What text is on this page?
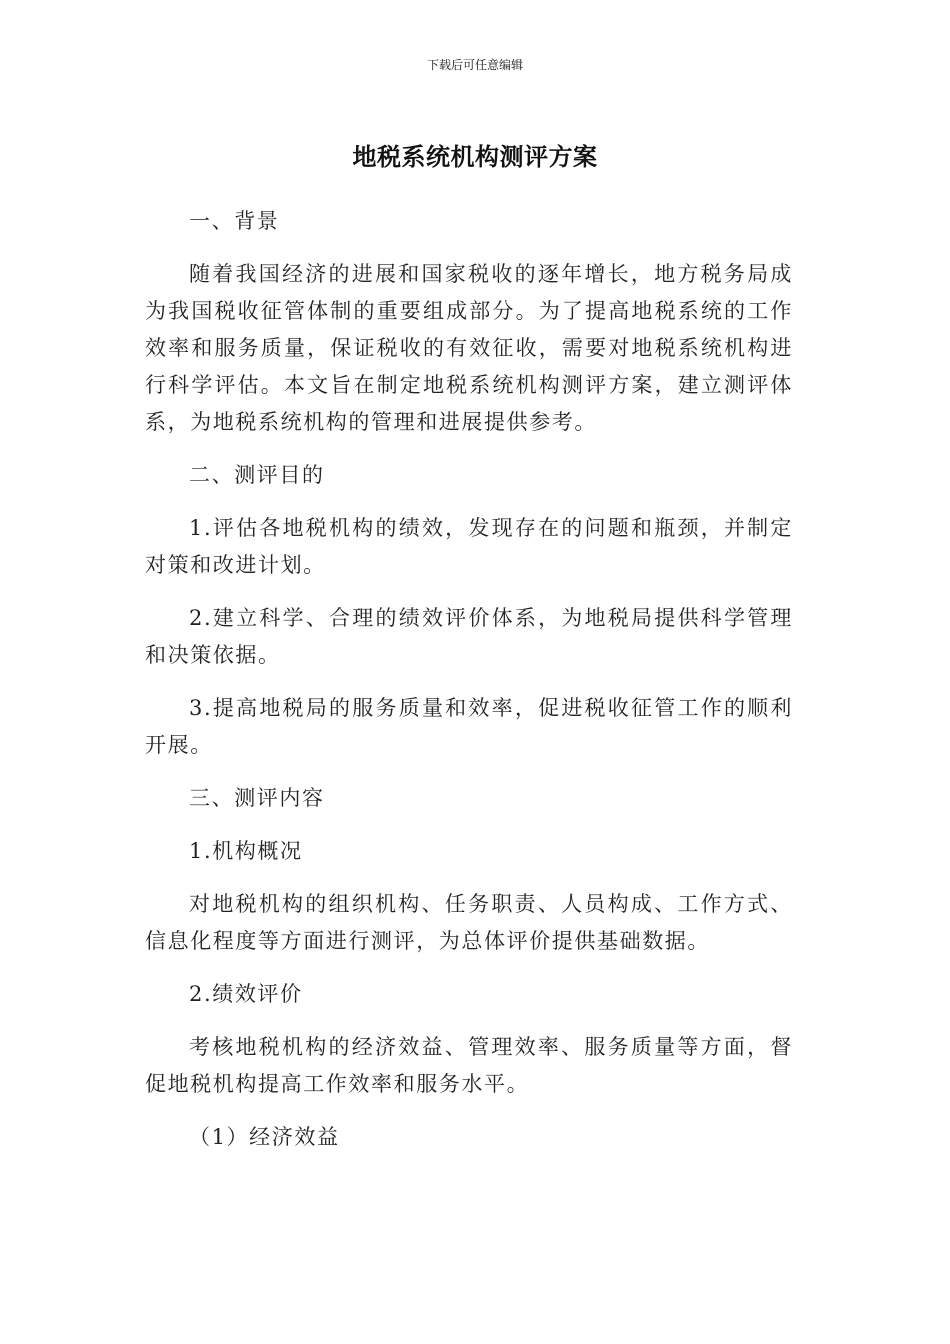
下载后可任意编辑
地税系统机构测评方案

一、背景

随着我国经济的进展和国家税收的逐年增长，地方税务局成为我国税收征管体制的重要组成部分。为了提高地税系统的工作效率和服务质量，保证税收的有效征收，需要对地税系统机构进行科学评估。本文旨在制定地税系统机构测评方案，建立测评体系，为地税系统机构的管理和进展提供参考。

二、测评目的

1.评估各地税机构的绩效，发现存在的问题和瓶颈，并制定对策和改进计划。

2.建立科学、合理的绩效评价体系，为地税局提供科学管理和决策依据。

3.提高地税局的服务质量和效率，促进税收征管工作的顺利开展。

三、测评内容

1.机构概况

对地税机构的组织机构、任务职责、人员构成、工作方式、信息化程度等方面进行测评，为总体评价提供基础数据。

2.绩效评价

考核地税机构的经济效益、管理效率、服务质量等方面，督促地税机构提高工作效率和服务水平。

（1）经济效益
